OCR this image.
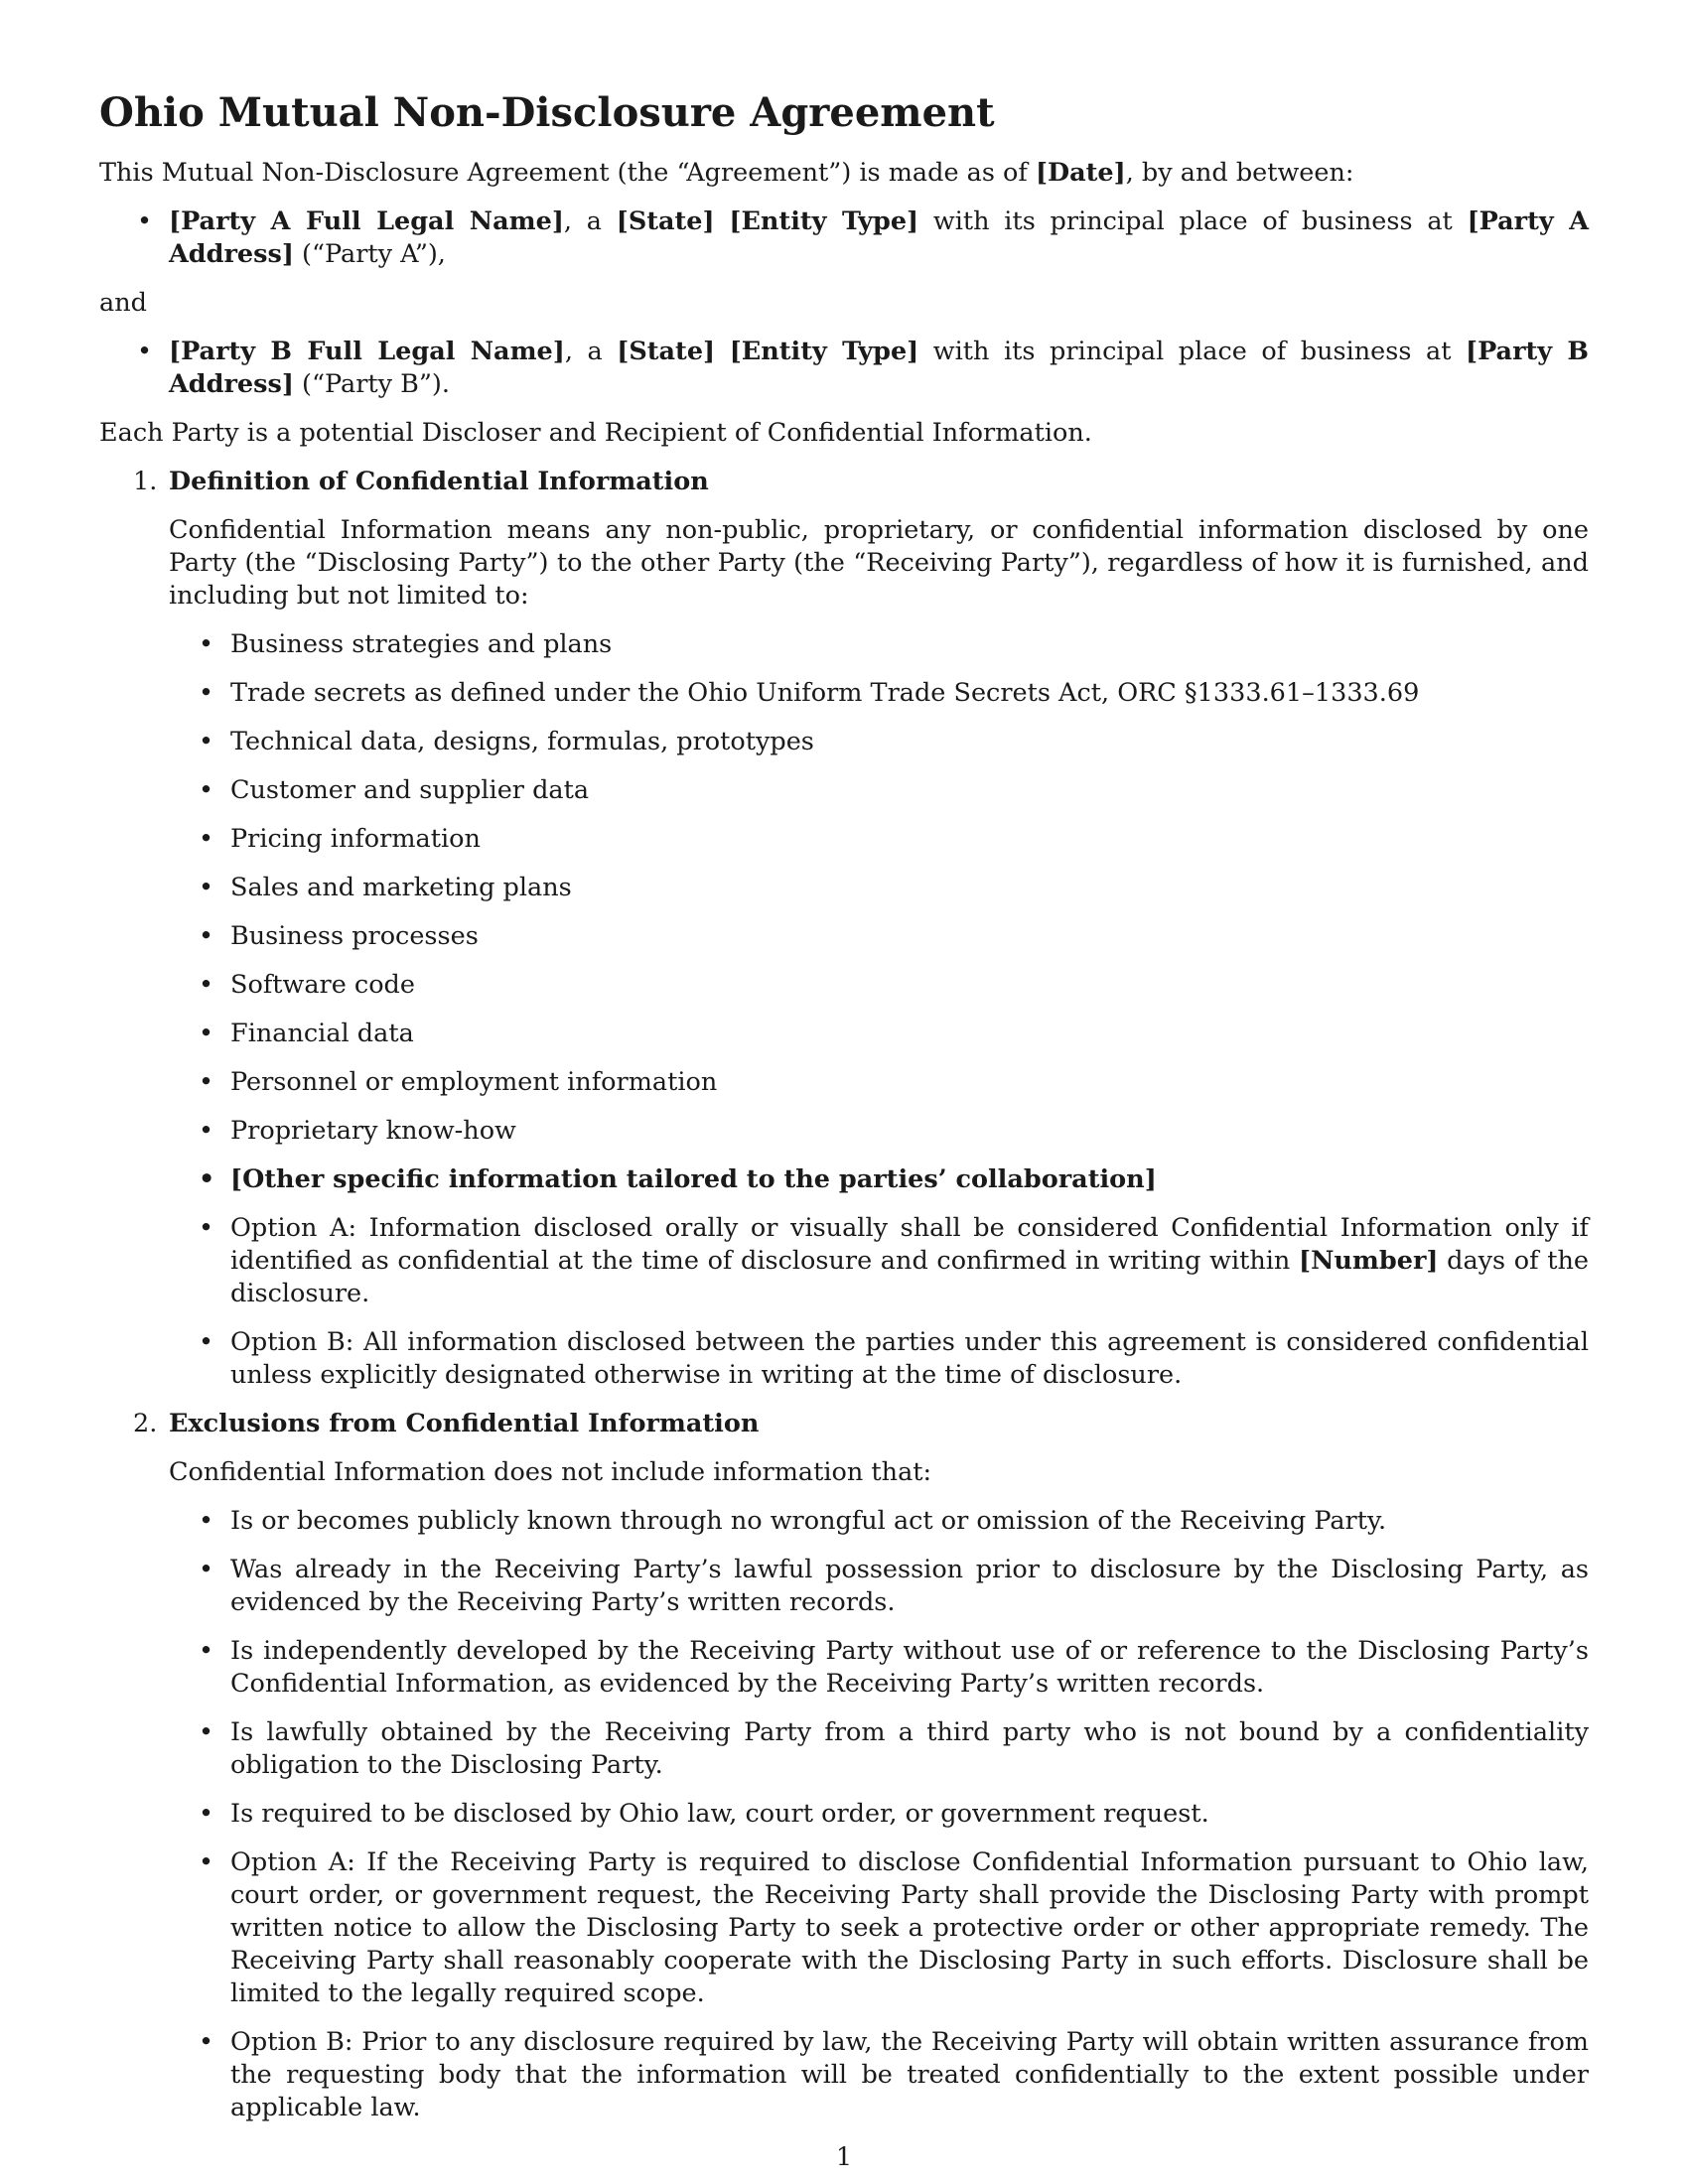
Ohio Mutual Non-Disclosure Agreement

This Mutual Non-Disclosure Agreement (the “Agreement”) is made as of [Date], by and between:

• [Party A Full Legal Name], a [State] [Entity Type] with its principal place of business at [Party A Address] (“Party A”),

and

• [Party B Full Legal Name], a [State] [Entity Type] with its principal place of business at [Party B Address] (“Party B”).

Each Party is a potential Discloser and Recipient of Confidential Information.

1. Definition of Confidential Information

Confidential Information means any non-public, proprietary, or confidential information disclosed by one Party (the “Disclosing Party”) to the other Party (the “Receiving Party”), regardless of how it is furnished, and including but not limited to:

• Business strategies and plans
• Trade secrets as defined under the Ohio Uniform Trade Secrets Act, ORC §1333.61–1333.69
• Technical data, designs, formulas, prototypes
• Customer and supplier data
• Pricing information
• Sales and marketing plans
• Business processes
• Software code
• Financial data
• Personnel or employment information
• Proprietary know-how
• [Other specific information tailored to the parties’ collaboration]
• Option A: Information disclosed orally or visually shall be considered Confidential Information only if identified as confidential at the time of disclosure and confirmed in writing within [Number] days of the disclosure.
• Option B: All information disclosed between the parties under this agreement is considered confidential unless explicitly designated otherwise in writing at the time of disclosure.
2. Exclusions from Confidential Information

Confidential Information does not include information that:

• Is or becomes publicly known through no wrongful act or omission of the Receiving Party.
• Was already in the Receiving Party’s lawful possession prior to disclosure by the Disclosing Party, as evidenced by the Receiving Party’s written records.
• Is independently developed by the Receiving Party without use of or reference to the Disclosing Party’s Confidential Information, as evidenced by the Receiving Party’s written records.
• Is lawfully obtained by the Receiving Party from a third party who is not bound by a confidentiality obligation to the Disclosing Party.
• Is required to be disclosed by Ohio law, court order, or government request.
• Option A: If the Receiving Party is required to disclose Confidential Information pursuant to Ohio law, court order, or government request, the Receiving Party shall provide the Disclosing Party with prompt written notice to allow the Disclosing Party to seek a protective order or other appropriate remedy. The Receiving Party shall reasonably cooperate with the Disclosing Party in such efforts. Disclosure shall be limited to the legally required scope.
• Option B: Prior to any disclosure required by law, the Receiving Party will obtain written assurance from the requesting body that the information will be treated confidentially to the extent possible under applicable law.
1
